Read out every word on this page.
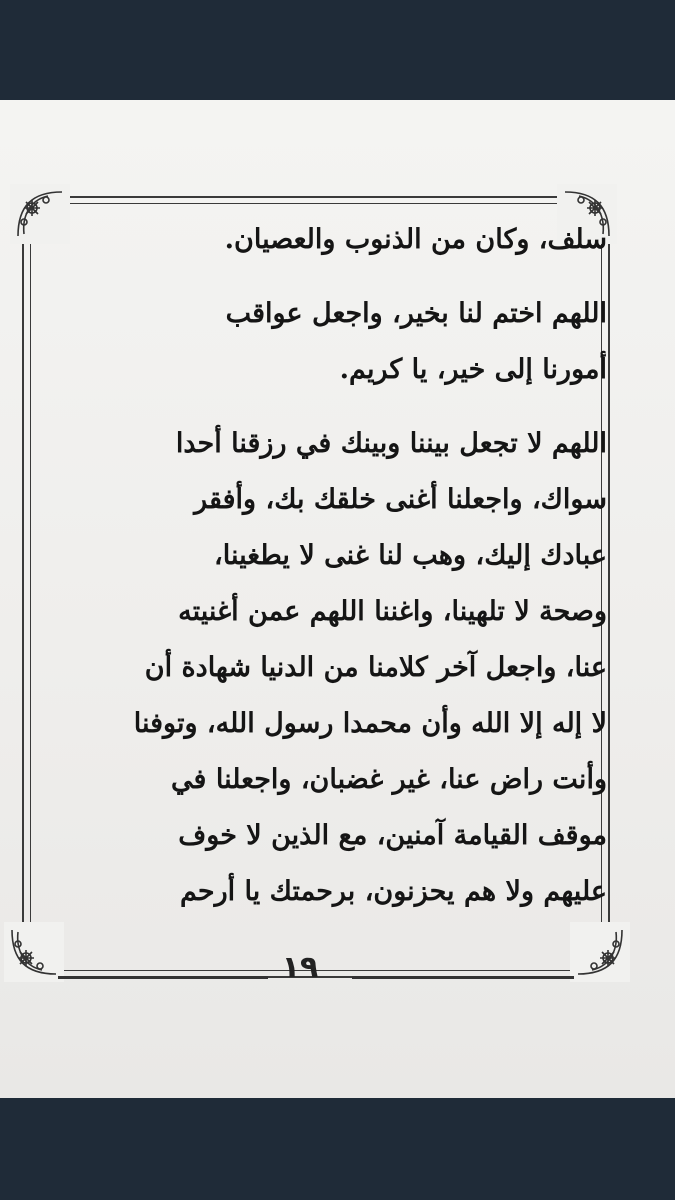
سلف، وكان من الذنوب والعصيان.
اللهم اختم لنا بخير، واجعل عواقب
أمورنا إلى خير، يا كريم.
اللهم لا تجعل بيننا وبينك في رزقنا أحدا
سواك، واجعلنا أغنى خلقك بك، وأفقر
عبادك إليك، وهب لنا غنى لا يطغينا،
وصحة لا تلهينا، واغننا اللهم عمن أغنيته
عنا، واجعل آخر كلامنا من الدنيا شهادة أن
لا إله إلا الله وأن محمدا رسول الله، وتوفنا
وأنت راض عنا، غير غضبان، واجعلنا في
موقف القيامة آمنين، مع الذين لا خوف
عليهم ولا هم يحزنون، برحمتك يا أرحم
١٩
